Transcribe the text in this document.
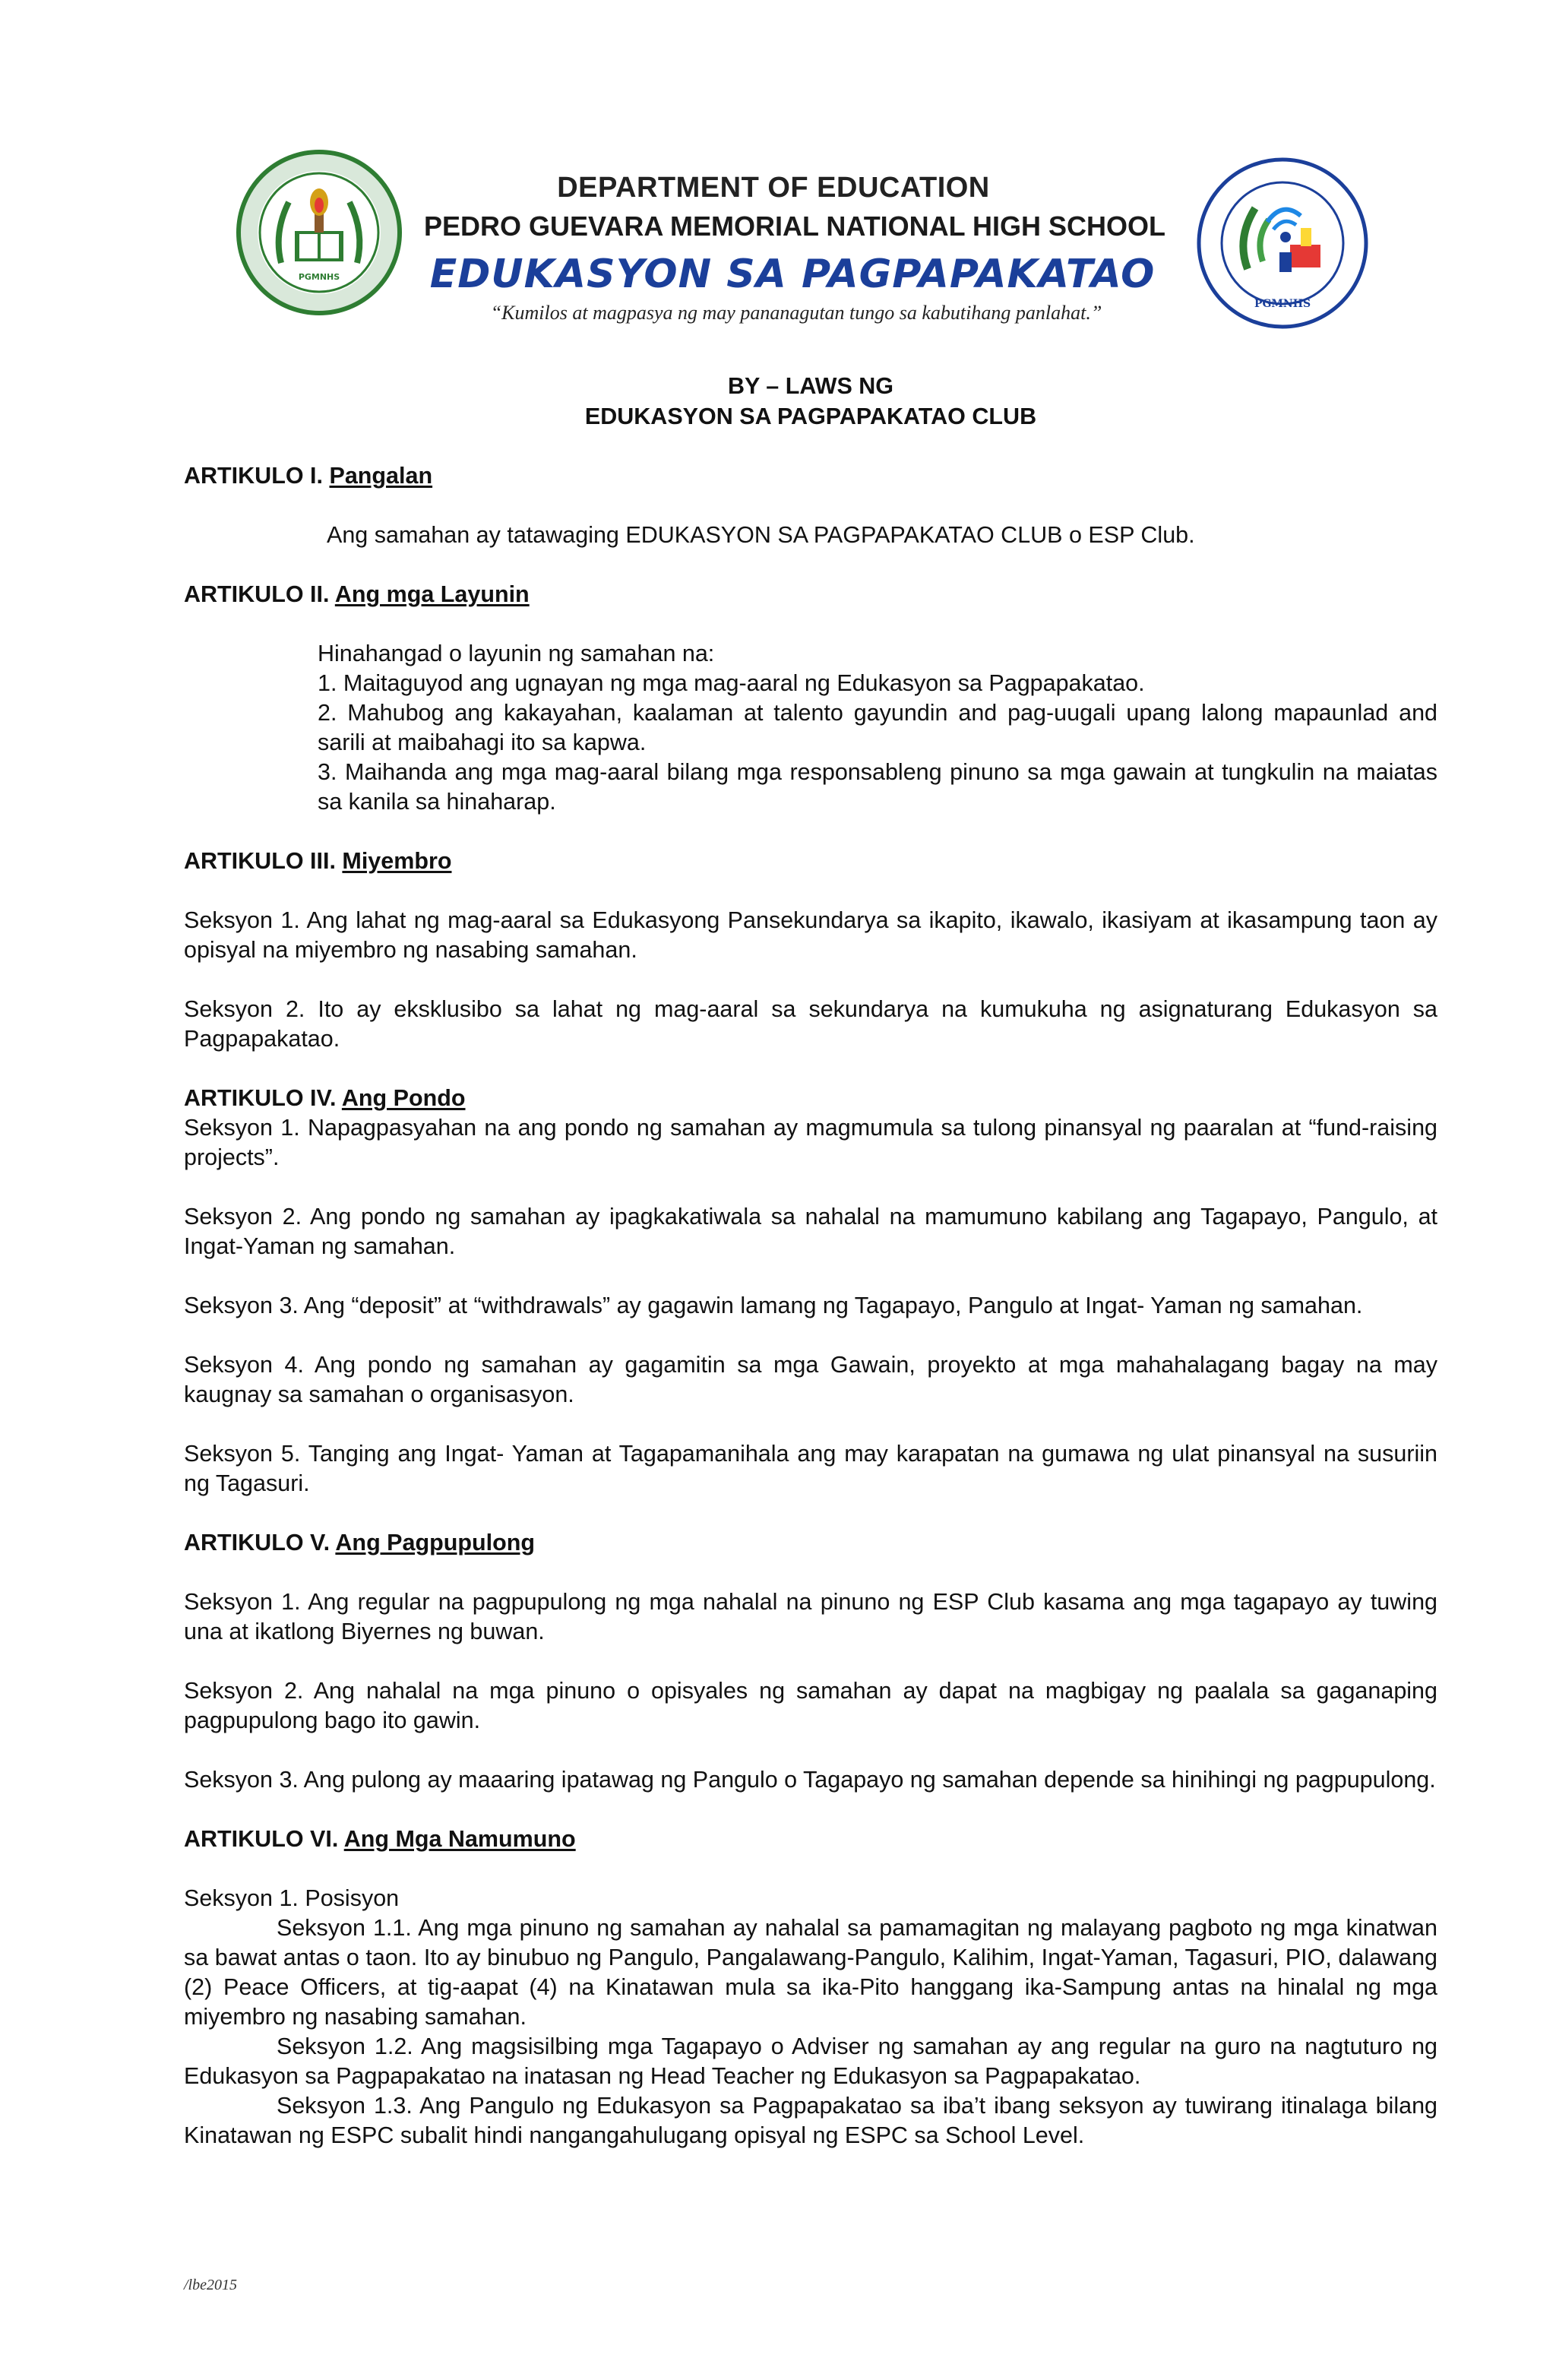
PGMNHS
DEPARTMENT OF EDUCATION
PEDRO GUEVARA MEMORIAL NATIONAL HIGH SCHOOL
EDUKASYON SA PAGPAPAKATAO
“Kumilos at magpasya ng may pananagutan tungo sa kabutihang panlahat.”	PGMNHS

BY – LAWS NG

EDUKASYON SA PAGPAPAKATAO CLUB

ARTIKULO I. Pangalan

Ang samahan ay tatawaging EDUKASYON SA PAGPAPAKATAO CLUB o ESP Club.

ARTIKULO II. Ang mga Layunin

Hinahangad o layunin ng samahan na:

1. Maitaguyod ang ugnayan ng mga mag-aaral ng Edukasyon sa Pagpapakatao.

2. Mahubog ang kakayahan, kaalaman at talento gayundin and pag-uugali upang lalong mapaunlad and sarili at maibahagi ito sa kapwa.

3. Maihanda ang mga mag-aaral bilang mga responsableng pinuno sa mga gawain at tungkulin na maiatas sa kanila sa hinaharap.

ARTIKULO III. Miyembro

Seksyon 1. Ang lahat ng mag-aaral sa Edukasyong Pansekundarya sa ikapito, ikawalo, ikasiyam at ikasampung taon ay opisyal na miyembro ng nasabing samahan.

Seksyon 2. Ito ay eksklusibo sa lahat ng mag-aaral sa sekundarya na kumukuha ng asignaturang Edukasyon sa Pagpapakatao.

ARTIKULO IV. Ang Pondo

Seksyon 1. Napagpasyahan na ang pondo ng samahan ay magmumula sa tulong pinansyal ng paaralan at “fund-raising projects”.

Seksyon 2. Ang pondo ng samahan ay ipagkakatiwala sa nahalal na mamumuno kabilang ang Tagapayo, Pangulo, at Ingat-Yaman ng samahan.

Seksyon 3. Ang “deposit” at “withdrawals” ay gagawin lamang ng Tagapayo, Pangulo at Ingat- Yaman ng samahan.

Seksyon 4. Ang pondo ng samahan ay gagamitin sa mga Gawain, proyekto at mga mahahalagang bagay na may kaugnay sa samahan o organisasyon.

Seksyon 5. Tanging ang Ingat- Yaman at Tagapamanihala ang may karapatan na gumawa ng ulat pinansyal na susuriin ng Tagasuri.

ARTIKULO V. Ang Pagpupulong

Seksyon 1. Ang regular na pagpupulong ng mga nahalal na pinuno ng ESP Club kasama ang mga tagapayo ay tuwing una at ikatlong Biyernes ng buwan.

Seksyon 2. Ang nahalal na mga pinuno o opisyales ng samahan ay dapat na magbigay ng paalala sa gaganaping pagpupulong bago ito gawin.

Seksyon 3. Ang pulong ay maaaring ipatawag ng Pangulo o Tagapayo ng samahan depende sa hinihingi ng pagpupulong.

ARTIKULO VI. Ang Mga Namumuno

Seksyon 1. Posisyon

Seksyon 1.1. Ang mga pinuno ng samahan ay nahalal sa pamamagitan ng malayang pagboto ng mga kinatwan sa bawat antas o taon. Ito ay binubuo ng Pangulo, Pangalawang-Pangulo, Kalihim, Ingat-Yaman, Tagasuri, PIO, dalawang (2) Peace Officers, at tig-aapat (4) na Kinatawan mula sa ika-Pito hanggang ika-Sampung antas na hinalal ng mga miyembro ng nasabing samahan.

Seksyon 1.2. Ang magsisilbing mga Tagapayo o Adviser ng samahan ay ang regular na guro na nagtuturo ng Edukasyon sa Pagpapakatao na inatasan ng Head Teacher ng Edukasyon sa Pagpapakatao.

Seksyon 1.3. Ang Pangulo ng Edukasyon sa Pagpapakatao sa iba’t ibang seksyon ay tuwirang itinalaga bilang Kinatawan ng ESPC subalit hindi nangangahulugang opisyal ng ESPC sa School Level.

/lbe2015
